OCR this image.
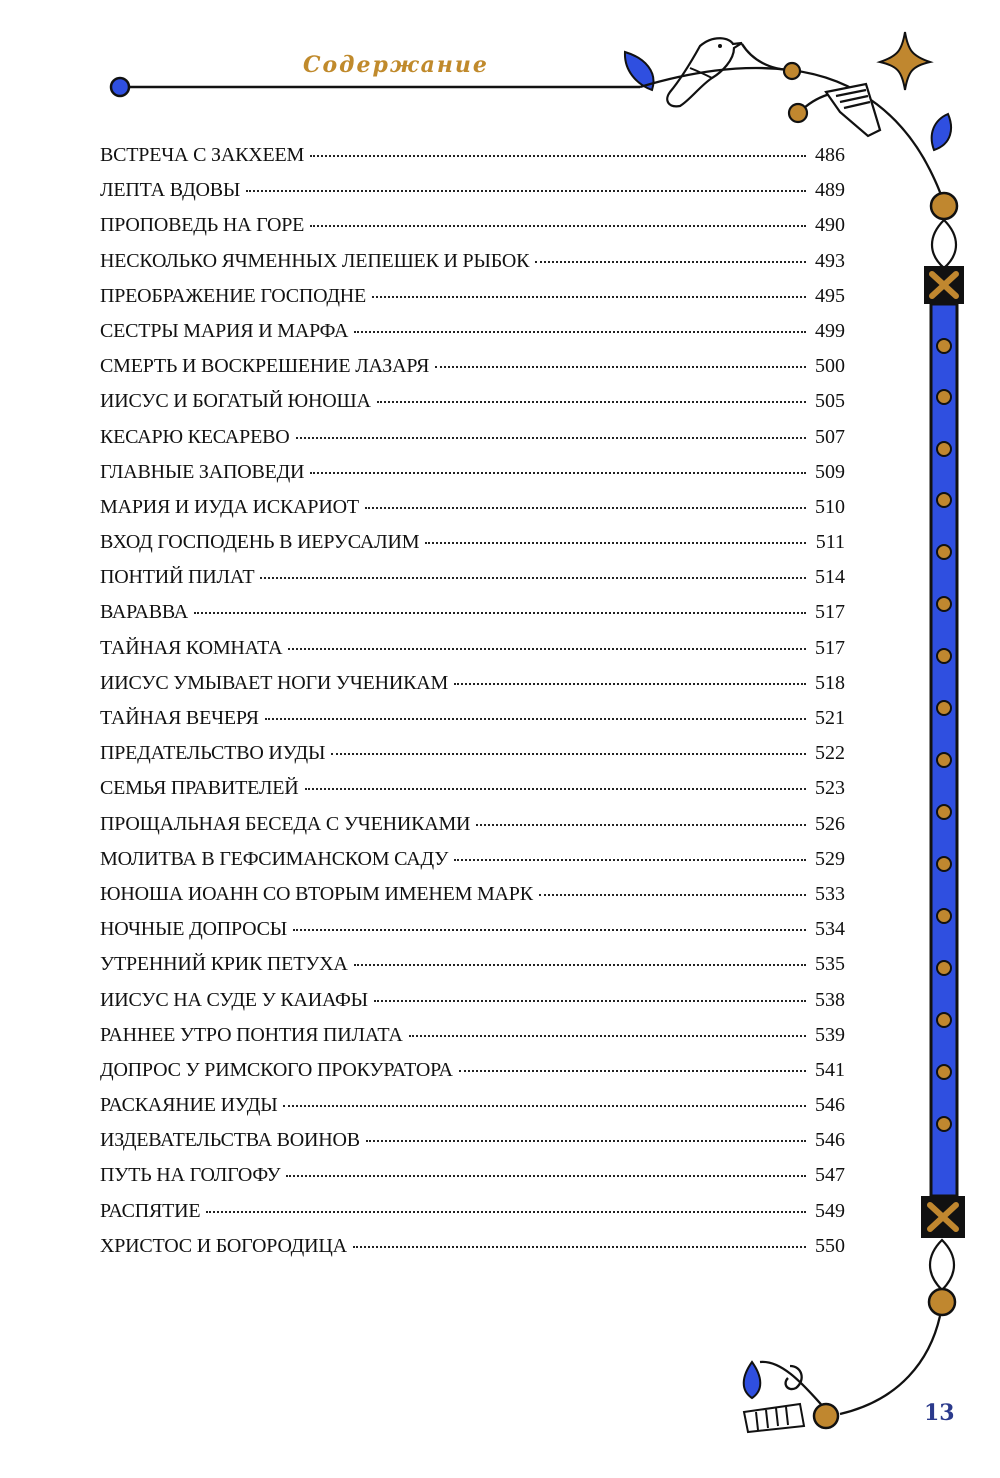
Содержание
ВСТРЕЧА С ЗАКХЕЕМ	486
ЛЕПТА ВДОВЫ	489
ПРОПОВЕДЬ НА ГОРЕ	490
НЕСКОЛЬКО ЯЧМЕННЫХ ЛЕПЕШЕК И РЫБОК	493
ПРЕОБРАЖЕНИЕ ГОСПОДНЕ	495
СЕСТРЫ МАРИЯ И МАРФА	499
СМЕРТЬ И ВОСКРЕШЕНИЕ ЛАЗАРЯ	500
ИИСУС И БОГАТЫЙ ЮНОША	505
КЕСАРЮ КЕСАРЕВО	507
ГЛАВНЫЕ ЗАПОВЕДИ	509
МАРИЯ И ИУДА ИСКАРИОТ	510
ВХОД ГОСПОДЕНЬ В ИЕРУСАЛИМ	511
ПОНТИЙ ПИЛАТ	514
ВАРАВВА	517
ТАЙНАЯ КОМНАТА	517
ИИСУС УМЫВАЕТ НОГИ УЧЕНИКАМ	518
ТАЙНАЯ ВЕЧЕРЯ	521
ПРЕДАТЕЛЬСТВО ИУДЫ	522
СЕМЬЯ ПРАВИТЕЛЕЙ	523
ПРОЩАЛЬНАЯ БЕСЕДА С УЧЕНИКАМИ	526
МОЛИТВА В ГЕФСИМАНСКОМ САДУ	529
ЮНОША ИОАНН СО ВТОРЫМ ИМЕНЕМ МАРК	533
НОЧНЫЕ ДОПРОСЫ	534
УТРЕННИЙ КРИК ПЕТУХА	535
ИИСУС НА СУДЕ У КАИАФЫ	538
РАННЕЕ УТРО ПОНТИЯ ПИЛАТА	539
ДОПРОС У РИМСКОГО ПРОКУРАТОРА	541
РАСКАЯНИЕ ИУДЫ	546
ИЗДЕВАТЕЛЬСТВА ВОИНОВ	546
ПУТЬ НА ГОЛГОФУ	547
РАСПЯТИЕ	549
ХРИСТОС И БОГОРОДИЦА	550
13
